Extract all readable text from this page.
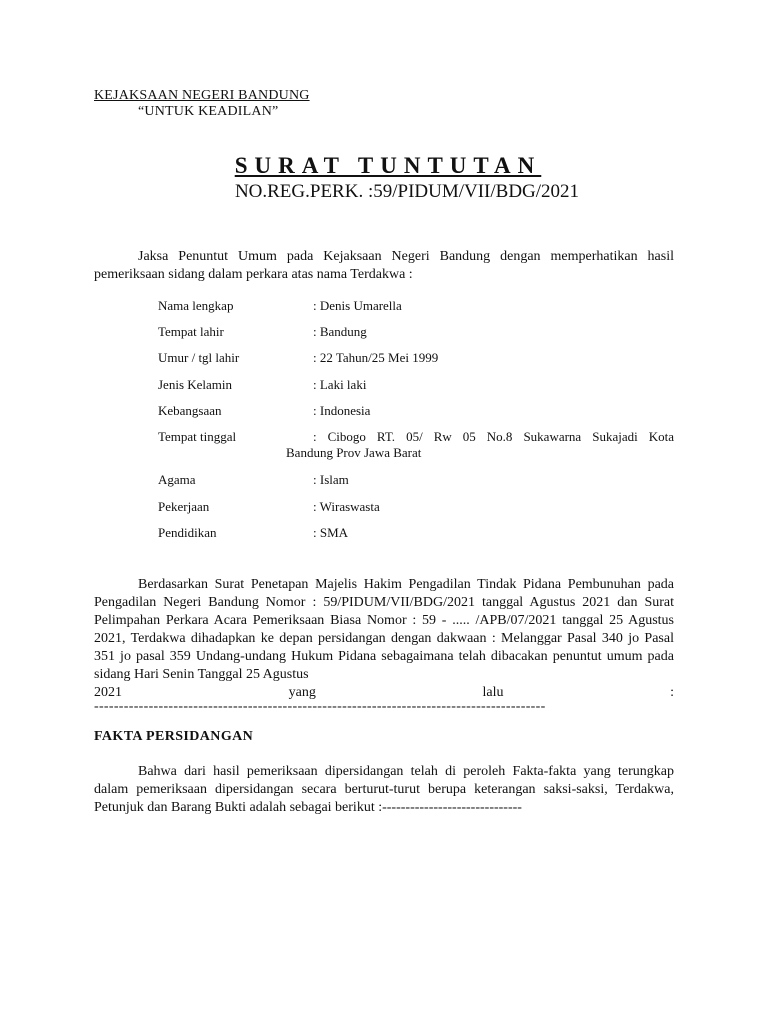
KEJAKSAAN NEGERI BANDUNG
“UNTUK KEADILAN”
SURAT TUNTUTAN
NO.REG.PERK. :59/PIDUM/VII/BDG/2021
Jaksa Penuntut Umum pada Kejaksaan Negeri Bandung dengan memperhatikan hasil pemeriksaan sidang dalam perkara atas nama Terdakwa :
Nama lengkap	: Denis Umarella
Tempat lahir	: Bandung
Umur / tgl lahir	: 22 Tahun/25 Mei 1999
Jenis Kelamin	: Laki laki
Kebangsaan	: Indonesia
Tempat tinggal	: Cibogo RT. 05/ Rw 05 No.8 Sukawarna Sukajadi Kota
Bandung Prov Jawa Barat
Agama	: Islam
Pekerjaan	: Wiraswasta
Pendidikan	: SMA
Berdasarkan Surat Penetapan Majelis Hakim Pengadilan Tindak Pidana Pembunuhan pada Pengadilan Negeri Bandung Nomor : 59/PIDUM/VII/BDG/2021 tanggal Agustus 2021 dan Surat Pelimpahan Perkara Acara Pemeriksaan Biasa Nomor : 59 - ..... /APB/07/2021 tanggal 25 Agustus 2021, Terdakwa dihadapkan ke depan persidangan dengan dakwaan : Melanggar Pasal 340 jo Pasal 351 jo pasal 359 Undang-undang Hukum Pidana sebagaimana telah dibacakan penuntut umum pada sidang Hari Senin Tanggal 25 Agustus
2021	yang	lalu	:
-------------------------------------------------------------------------------------------
FAKTA PERSIDANGAN
Bahwa dari hasil pemeriksaan dipersidangan telah di peroleh Fakta-fakta yang terungkap dalam pemeriksaan dipersidangan secara berturut-turut berupa keterangan saksi-saksi, Terdakwa, Petunjuk dan Barang Bukti adalah sebagai berikut :------------------------------
